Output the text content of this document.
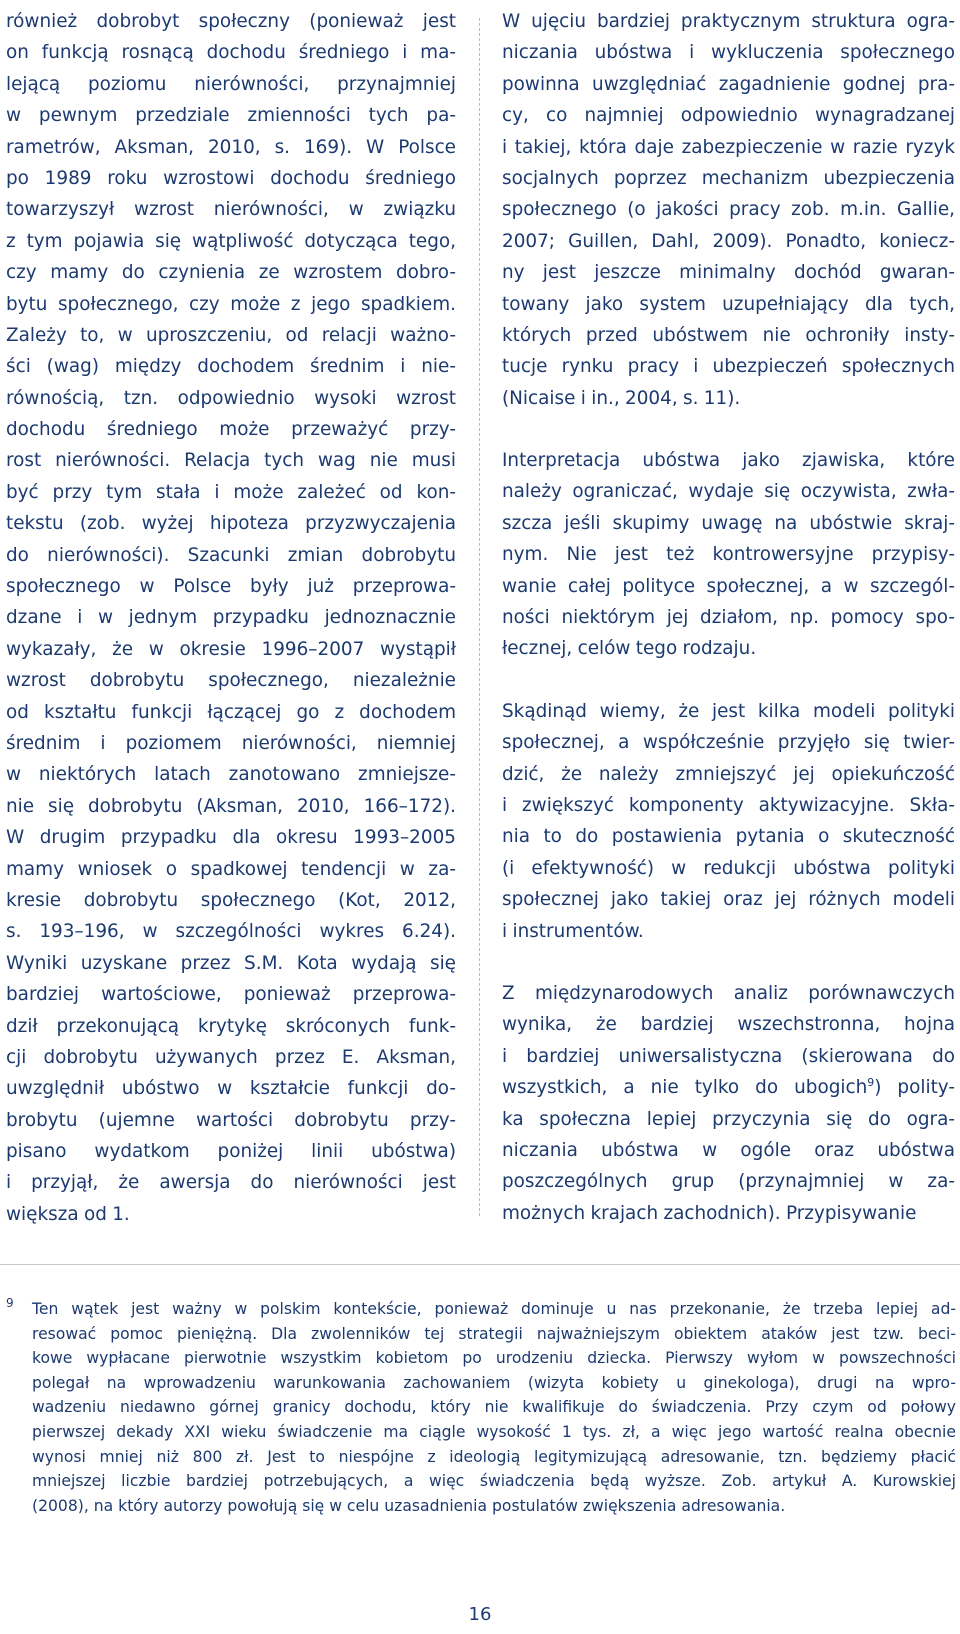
również dobrobyt społeczny (ponieważ jest
on funkcją rosnącą dochodu średniego i ma-
lejącą poziomu nierówności, przynajmniej
w pewnym przedziale zmienności tych pa-
rametrów, Aksman, 2010, s. 169). W Polsce
po 1989 roku wzrostowi dochodu średniego
towarzyszył wzrost nierówności, w związku
z tym pojawia się wątpliwość dotycząca tego,
czy mamy do czynienia ze wzrostem dobro-
bytu społecznego, czy może z jego spadkiem.
Zależy to, w uproszczeniu, od relacji ważno-
ści (wag) między dochodem średnim i nie-
równością, tzn. odpowiednio wysoki wzrost
dochodu średniego może przeważyć przy-
rost nierówności. Relacja tych wag nie musi
być przy tym stała i może zależeć od kon-
tekstu (zob. wyżej hipoteza przyzwyczajenia
do nierówności). Szacunki zmian dobrobytu
społecznego w Polsce były już przeprowa-
dzane i w jednym przypadku jednoznacznie
wykazały, że w okresie 1996–2007 wystąpił
wzrost dobrobytu społecznego, niezależnie
od kształtu funkcji łączącej go z dochodem
średnim i poziomem nierówności, niemniej
w niektórych latach zanotowano zmniejsze-
nie się dobrobytu (Aksman, 2010, 166–172).
W drugim przypadku dla okresu 1993–2005
mamy wniosek o spadkowej tendencji w za-
kresie dobrobytu społecznego (Kot, 2012,
s. 193–196, w szczególności wykres 6.24).
Wyniki uzyskane przez S.M. Kota wydają się
bardziej wartościowe, ponieważ przeprowa-
dził przekonującą krytykę skróconych funk-
cji dobrobytu używanych przez E. Aksman,
uwzględnił ubóstwo w kształcie funkcji do-
brobytu (ujemne wartości dobrobytu przy-
pisano wydatkom poniżej linii ubóstwa)
i przyjął, że awersja do nierówności jest
większa od 1.
W ujęciu bardziej praktycznym struktura ogra-
niczania ubóstwa i wykluczenia społecznego
powinna uwzględniać zagadnienie godnej pra-
cy, co najmniej odpowiednio wynagradzanej
i takiej, która daje zabezpieczenie w razie ryzyk
socjalnych poprzez mechanizm ubezpieczenia
społecznego (o jakości pracy zob. m.in. Gallie,
2007; Guillen, Dahl, 2009). Ponadto, koniecz-
ny jest jeszcze minimalny dochód gwaran-
towany jako system uzupełniający dla tych,
których przed ubóstwem nie ochroniły insty-
tucje rynku pracy i ubezpieczeń społecznych
(Nicaise i in., 2004, s. 11).
Interpretacja ubóstwa jako zjawiska, które
należy ograniczać, wydaje się oczywista, zwła-
szcza jeśli skupimy uwagę na ubóstwie skraj-
nym. Nie jest też kontrowersyjne przypisy-
wanie całej polityce społecznej, a w szczegól-
ności niektórym jej działom, np. pomocy spo-
łecznej, celów tego rodzaju.
Skądinąd wiemy, że jest kilka modeli polityki
społecznej, a współcześnie przyjęło się twier-
dzić, że należy zmniejszyć jej opiekuńczość
i zwiększyć komponenty aktywizacyjne. Skła-
nia to do postawienia pytania o skuteczność
(i efektywność) w redukcji ubóstwa polityki
społecznej jako takiej oraz jej różnych modeli
i instrumentów.
Z międzynarodowych analiz porównawczych
wynika, że bardziej wszechstronna, hojna
i bardziej uniwersalistyczna (skierowana do
wszystkich, a nie tylko do ubogich$^9$) polity-
ka społeczna lepiej przyczynia się do ogra-
niczania ubóstwa w ogóle oraz ubóstwa
poszczególnych grup (przynajmniej w za-
możnych krajach zachodnich). Przypisywanie
9 Ten wątek jest ważny w polskim kontekście, ponieważ dominuje u nas przekonanie, że trzeba lepiej ad-
resować pomoc pieniężną. Dla zwolenników tej strategii najważniejszym obiektem ataków jest tzw. beci-
kowe wypłacane pierwotnie wszystkim kobietom po urodzeniu dziecka. Pierwszy wyłom w powszechności
polegał na wprowadzeniu warunkowania zachowaniem (wizyta kobiety u ginekologa), drugi na wpro-
wadzeniu niedawno górnej granicy dochodu, który nie kwalifikuje do świadczenia. Przy czym od połowy
pierwszej dekady XXI wieku świadczenie ma ciągle wysokość 1 tys. zł, a więc jego wartość realna obecnie
wynosi mniej niż 800 zł. Jest to niespójne z ideologią legitymizującą adresowanie, tzn. będziemy płacić
mniejszej liczbie bardziej potrzebujących, a więc świadczenia będą wyższe. Zob. artykuł A. Kurowskiej
(2008), na który autorzy powołują się w celu uzasadnienia postulatów zwiększenia adresowania.
16
